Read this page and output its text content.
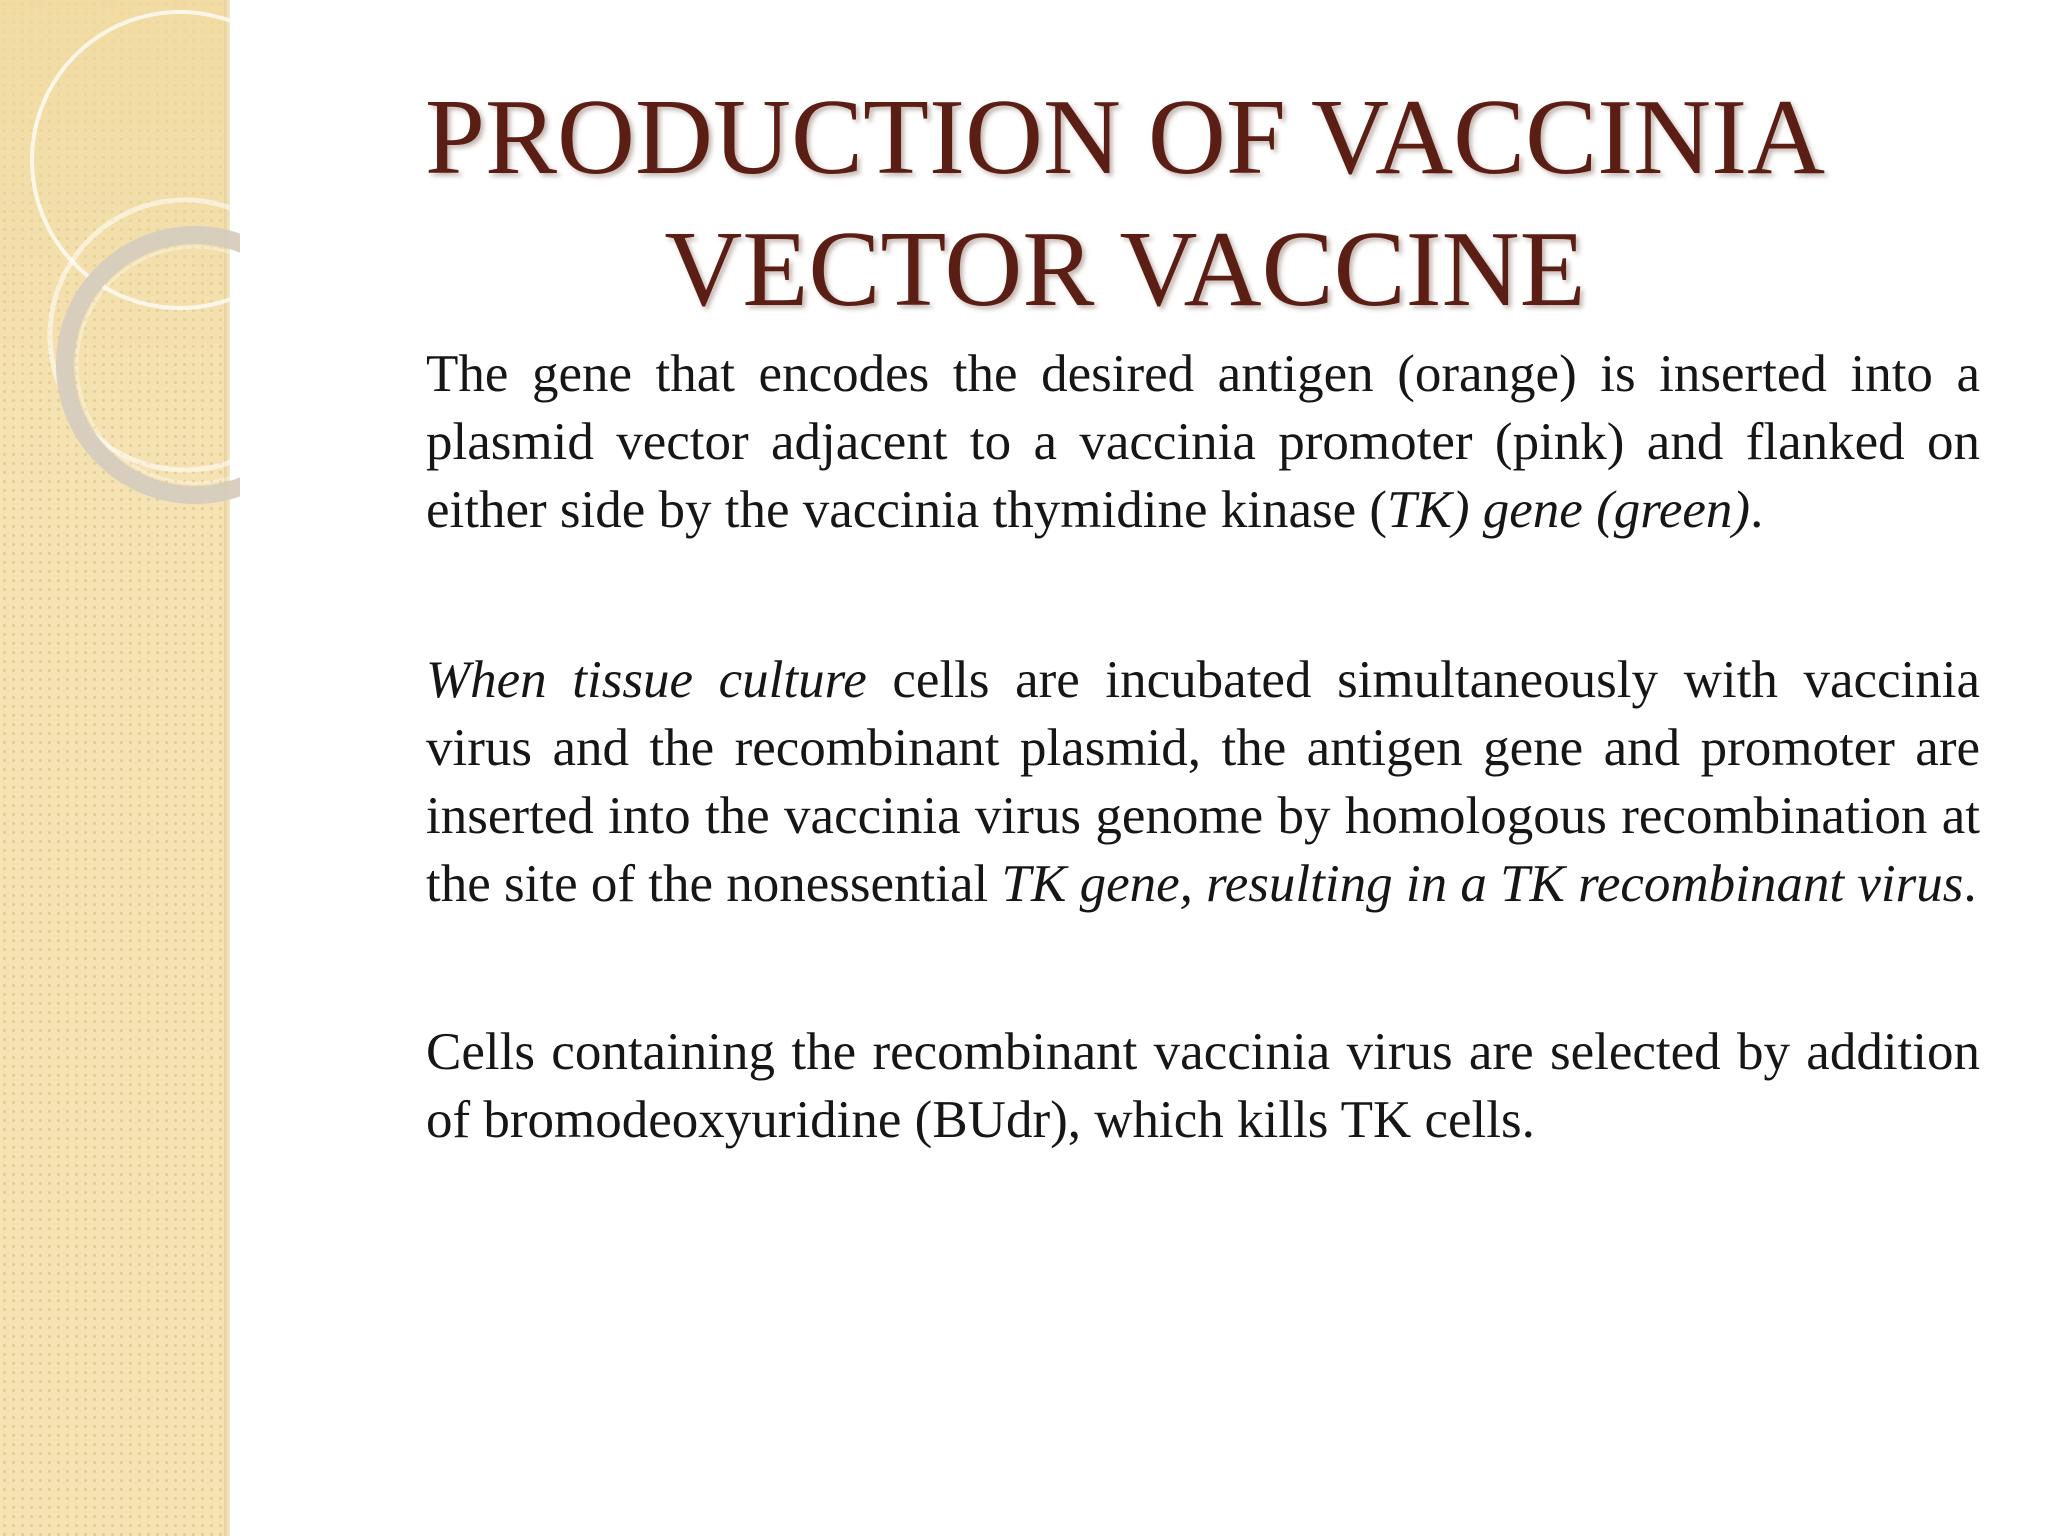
PRODUCTION OF VACCINIA
VECTOR VACCINE
The gene that encodes the desired antigen (orange) is inserted into a plasmid vector adjacent to a vaccinia promoter (pink) and flanked on either side by the vaccinia thymidine kinase (TK) gene (green).
When tissue culture cells are incubated simultaneously with vaccinia virus and the recombinant plasmid, the antigen gene and promoter are inserted into the vaccinia virus genome by homologous recombination at the site of the nonessential TK gene, resulting in a TK recombinant virus.
Cells containing the recombinant vaccinia virus are selected by addition of bromodeoxyuridine (BUdr), which kills TK cells.
